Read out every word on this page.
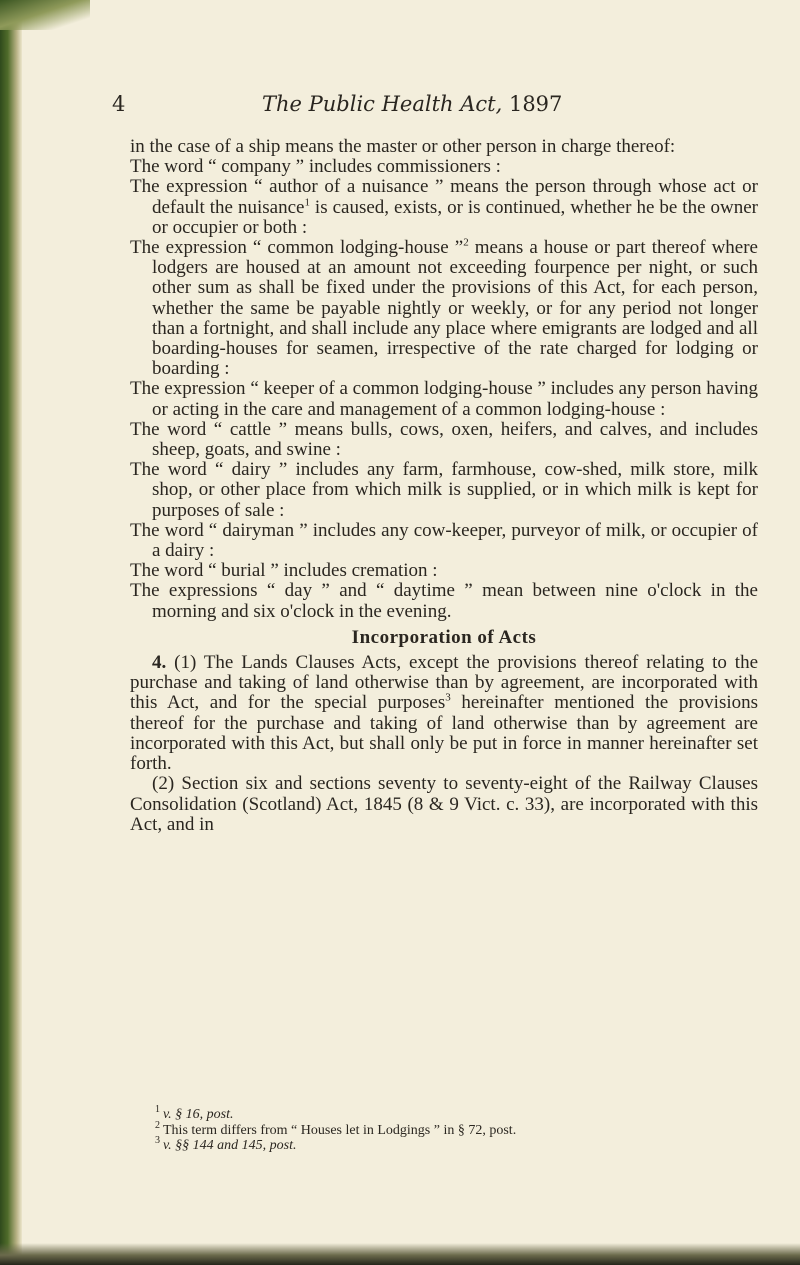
4	The Public Health Act, 1897

in the case of a ship means the master or other person in charge thereof:

The word “ company ” includes commissioners :

The expression “ author of a nuisance ” means the person through whose act or default the nuisance$^1$ is caused, exists, or is continued, whether he be the owner or occupier or both :

The expression “ common lodging-house ”$^2$ means a house or part thereof where lodgers are housed at an amount not exceeding fourpence per night, or such other sum as shall be fixed under the provisions of this Act, for each person, whether the same be payable nightly or weekly, or for any period not longer than a fortnight, and shall include any place where emigrants are lodged and all boarding-houses for seamen, irrespective of the rate charged for lodging or boarding :

The expression “ keeper of a common lodging-house ” includes any person having or acting in the care and management of a common lodging-house :

The word “ cattle ” means bulls, cows, oxen, heifers, and calves, and includes sheep, goats, and swine :

The word “ dairy ” includes any farm, farmhouse, cow-shed, milk store, milk shop, or other place from which milk is supplied, or in which milk is kept for purposes of sale :

The word “ dairyman ” includes any cow-keeper, purveyor of milk, or occupier of a dairy :

The word “ burial ” includes cremation :

The expressions “ day ” and “ daytime ” mean between nine o'clock in the morning and six o'clock in the evening.

Incorporation of Acts

4. (1) The Lands Clauses Acts, except the provisions thereof relating to the purchase and taking of land otherwise than by agreement, are incorporated with this Act, and for the special purposes$^3$ hereinafter mentioned the provisions thereof for the purchase and taking of land otherwise than by agreement are incorporated with this Act, but shall only be put in force in manner hereinafter set forth.

(2) Section six and sections seventy to seventy-eight of the Railway Clauses Consolidation (Scotland) Act, 1845 (8 & 9 Vict. c. 33), are incorporated with this Act, and in

$^1$ v. § 16, post.

$^2$ This term differs from “ Houses let in Lodgings ” in § 72, post.

$^3$ v. §§ 144 and 145, post.
